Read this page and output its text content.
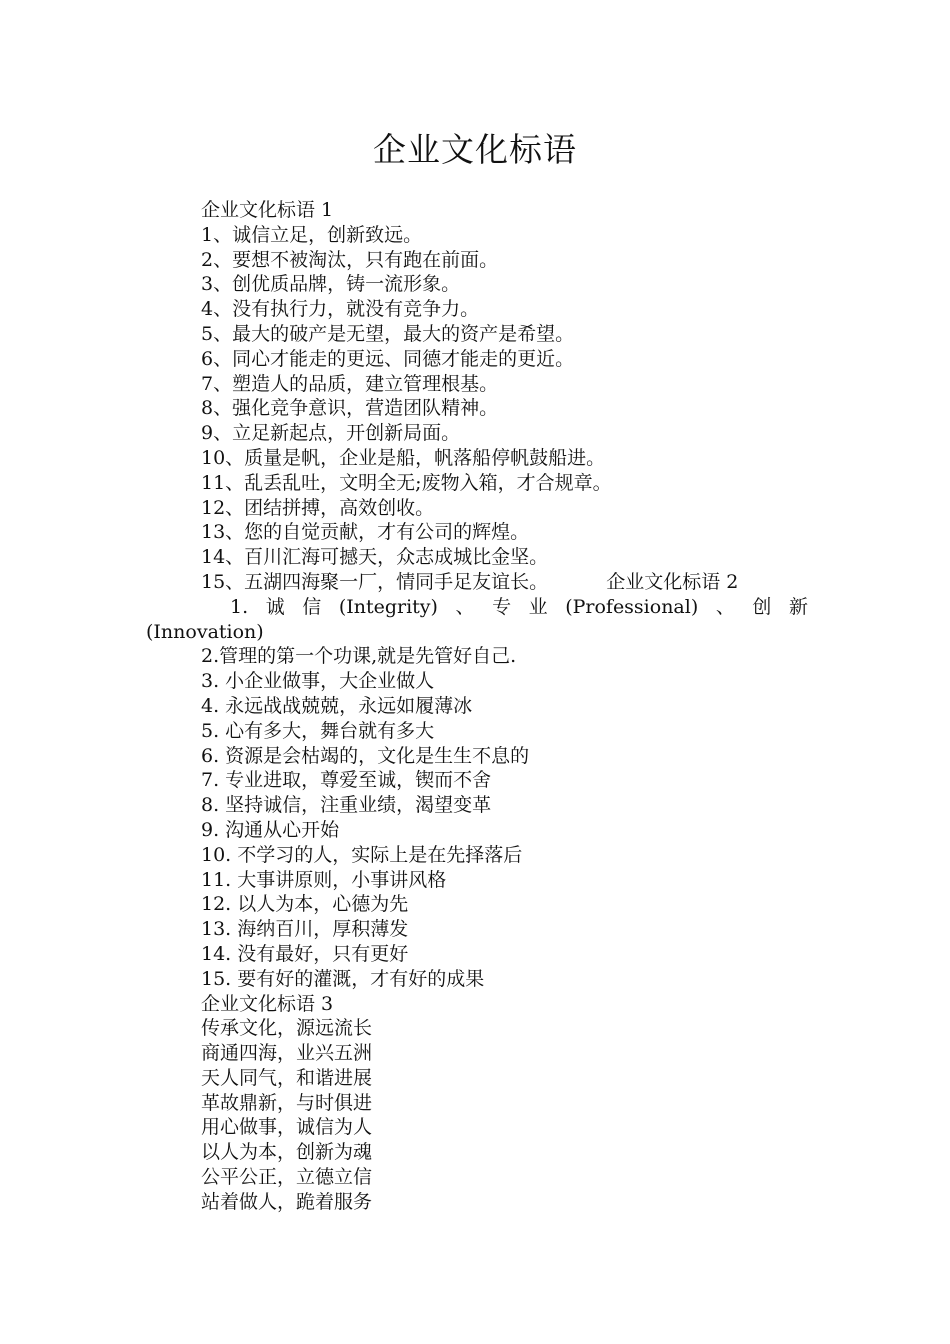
企业文化标语
企业文化标语 1
1、诚信立足，创新致远。
2、要想不被淘汰，只有跑在前面。
3、创优质品牌，铸一流形象。
4、没有执行力，就没有竞争力。
5、最大的破产是无望，最大的资产是希望。
6、同心才能走的更远、同德才能走的更近。
7、塑造人的品质，建立管理根基。
8、强化竞争意识，营造团队精神。
9、立足新起点，开创新局面。
10、质量是帆，企业是船，帆落船停帆鼓船进。
11、乱丢乱吐，文明全无;废物入箱，才合规章。
12、团结拼搏，高效创收。
13、您的自觉贡献，才有公司的辉煌。
14、百川汇海可撼天，众志成城比金坚。
15、五湖四海聚一厂，情同手足友谊长。	企业文化标语 2
1. 诚 信 (Integrity) 、 专 业 (Professional) 、 创 新
(Innovation)
2.管理的第一个功课,就是先管好自己.
3. 小企业做事，大企业做人
4. 永远战战兢兢，永远如履薄冰
5. 心有多大，舞台就有多大
6. 资源是会枯竭的，文化是生生不息的
7. 专业进取，尊爱至诚，锲而不舍
8. 坚持诚信，注重业绩，渴望变革
9. 沟通从心开始
10. 不学习的人，实际上是在先择落后
11. 大事讲原则，小事讲风格
12. 以人为本，心德为先
13. 海纳百川，厚积薄发
14. 没有最好，只有更好
15. 要有好的灌溉，才有好的成果
企业文化标语 3
传承文化，源远流长
商通四海，业兴五洲
天人同气，和谐进展
革故鼎新，与时俱进
用心做事，诚信为人
以人为本，创新为魂
公平公正，立德立信
站着做人，跪着服务
